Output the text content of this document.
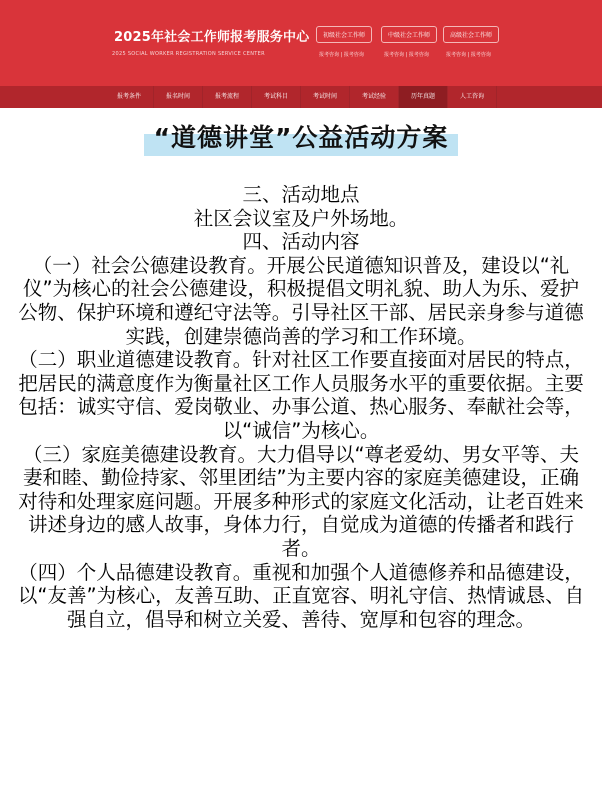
2025年社会工作师报考服务中心
2025 SOCIAL WORKER REGISTRATION SERVICE CENTER
初级社会工作师
报考咨询 | 报考咨询
中级社会工作师
报考咨询 | 报考咨询
高级社会工作师
报考咨询 | 报考咨询
报考条件	报名时间	报考流程	考试科目	考试时间	考试经验	历年真题	人工咨询
“道德讲堂”公益活动方案

三、活动地点

社区会议室及户外场地。

四、活动内容

（一）社会公德建设教育。开展公民道德知识普及，建设以“礼仪”为核心的社会公德建设，积极提倡文明礼貌、助人为乐、爱护公物、保护环境和遵纪守法等。引导社区干部、居民亲身参与道德实践，创建崇德尚善的学习和工作环境。

（二）职业道德建设教育。针对社区工作要直接面对居民的特点，把居民的满意度作为衡量社区工作人员服务水平的重要依据。主要包括：诚实守信、爱岗敬业、办事公道、热心服务、奉献社会等，以“诚信”为核心。

（三）家庭美德建设教育。大力倡导以“尊老爱幼、男女平等、夫妻和睦、勤俭持家、邻里团结”为主要内容的家庭美德建设，正确对待和处理家庭问题。开展多种形式的家庭文化活动，让老百姓来讲述身边的感人故事，身体力行，自觉成为道德的传播者和践行者。

（四）个人品德建设教育。重视和加强个人道德修养和品德建设，以“友善”为核心，友善互助、正直宽容、明礼守信、热情诚恳、自强自立，倡导和树立关爱、善待、宽厚和包容的理念。
